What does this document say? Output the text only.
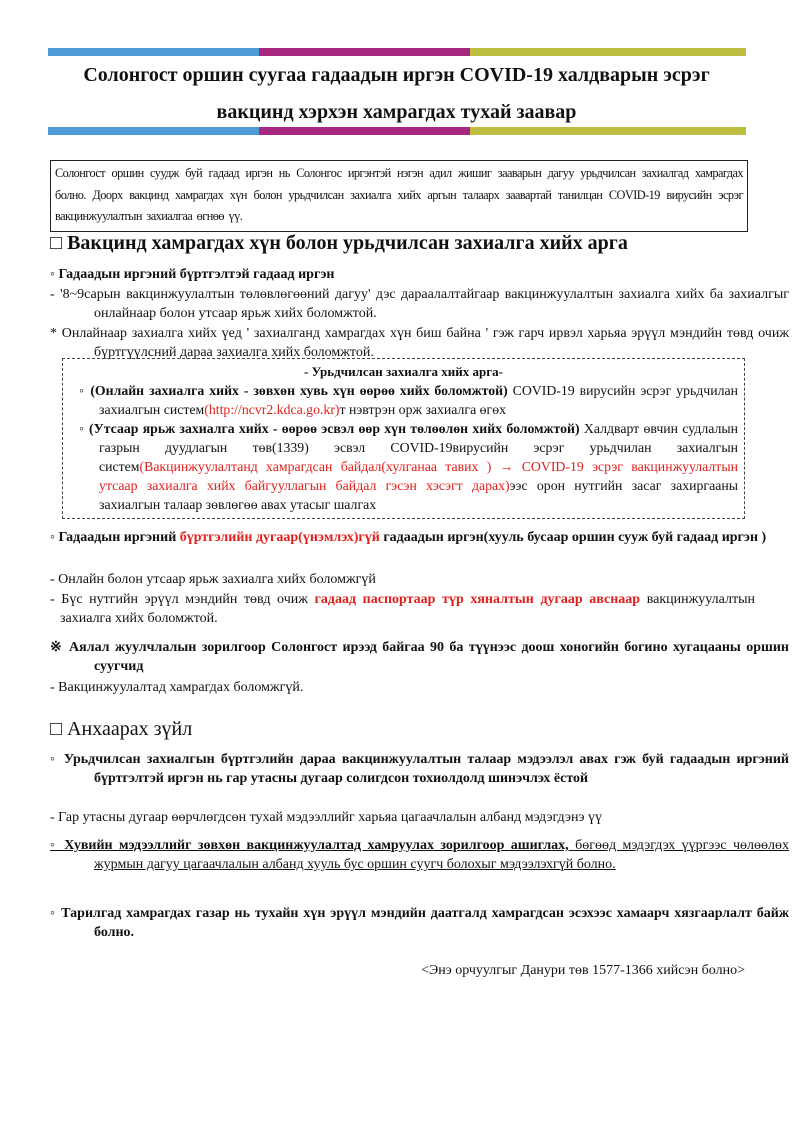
Солонгост оршин суугаа гадаадын иргэн COVID-19 халдварын эсрэг
вакцинд хэрхэн хамрагдах тухай заавар
Солонгост оршин суудж буй гадаад иргэн нь Солонгос иргэнтэй нэгэн адил жишиг зааварын дагуу урьдчилсан захиалгад хамрагдах болно. Доорх вакцинд хамрагдах хүн болон урьдчилсан захиалга хийх аргын талаарх заавартай танилцан COVID-19 вирусийн эсрэг вакцинжуулалтын захиалгаа өгнөө үү.
□ Вакцинд хамрагдах хүн болон урьдчилсан захиалга хийх арга
◦ Гадаадын иргэний бүртгэлтэй гадаад иргэн
- '8~9сарын вакцинжуулалтын төлөвлөгөөний дагуу' дэс дараалалтайгаар вакцинжуулалтын захиалга хийх ба захиалгыг онлайнаар болон утсаар ярьж хийх боломжтой.
* Онлайнаар захиалга хийх үед ' захиалганд хамрагдах хүн биш байна ' гэж гарч ирвэл харьяа эрүүл мэндийн төвд очиж бүртгүүлсний дараа захиалга хийх боломжтой.
- Урьдчилсан захиалга хийх арга-
◦ (Онлайн захиалга хийх - зөвхөн хувь хүн өөрөө хийх боломжтой) COVID-19 вирусийн эсрэг урьдчилан захиалгын систем(http://ncvr2.kdca.go.kr)т нэвтрэн орж захиалга өгөх
◦ (Утсаар ярьж захиалга хийх - өөрөө эсвэл өөр хүн төлөөлөн хийх боломжтой) Халдварт өвчин судлалын газрын дуудлагын төв(1339) эсвэл COVID-19вирусийн эсрэг урьдчилан захиалгын систем(Вакцинжуулалтанд хамрагдсан байдал(хулганаа тавих ) → COVID-19 эсрэг вакцинжуулалтын утсаар захиалга хийх байгууллагын байдал гэсэн хэсэгт дарах)ээс орон нутгийн засаг захиргааны захиалгын талаар зөвлөгөө авах утасыг шалгах
◦ Гадаадын иргэний бүртгэлийн дугаар(үнэмлэх)гүй гадаадын иргэн(хууль бусаар оршин сууж буй гадаад иргэн )
- Онлайн болон утсаар ярьж захиалга хийх боломжгүй
- Бүс нутгийн эрүүл мэндийн төвд очиж гадаад паспортаар түр хяналтын дугаар авснаар вакцинжуулалтын захиалга хийх боломжтой.
※ Аялал жуулчлалын зорилгоор Солонгост ирээд байгаа 90 ба түүнээс доош хоногийн богино хугацааны оршин суугчид
- Вакцинжуулалтад хамрагдах боломжгүй.
□ Анхаарах зүйл
◦ Урьдчилсан захиалгын бүртгэлийн дараа вакцинжуулалтын талаар мэдээлэл авах гэж буй гадаадын иргэний бүртгэлтэй иргэн нь гар утасны дугаар солигдсон тохиолдолд шинэчлэх ёстой
- Гар утасны дугаар өөрчлөгдсөн тухай мэдээллийг харьяа цагаачлалын албанд мэдэгдэнэ үү
◦ Хувийн мэдээллийг зөвхөн вакцинжуулалтад хамруулах зорилгоор ашиглах, бөгөөд мэдэгдэх үүргээс чөлөөлөх журмын дагуу цагаачлалын албанд хууль бус оршин суугч болохыг мэдээлэхгүй болно.
◦ Тарилгад хамрагдах газар нь тухайн хүн эрүүл мэндийн даатгалд хамрагдсан эсэхээс хамаарч хязгаарлалт байж болно.
<Энэ орчуулгыг Данури төв 1577-1366 хийсэн болно>
